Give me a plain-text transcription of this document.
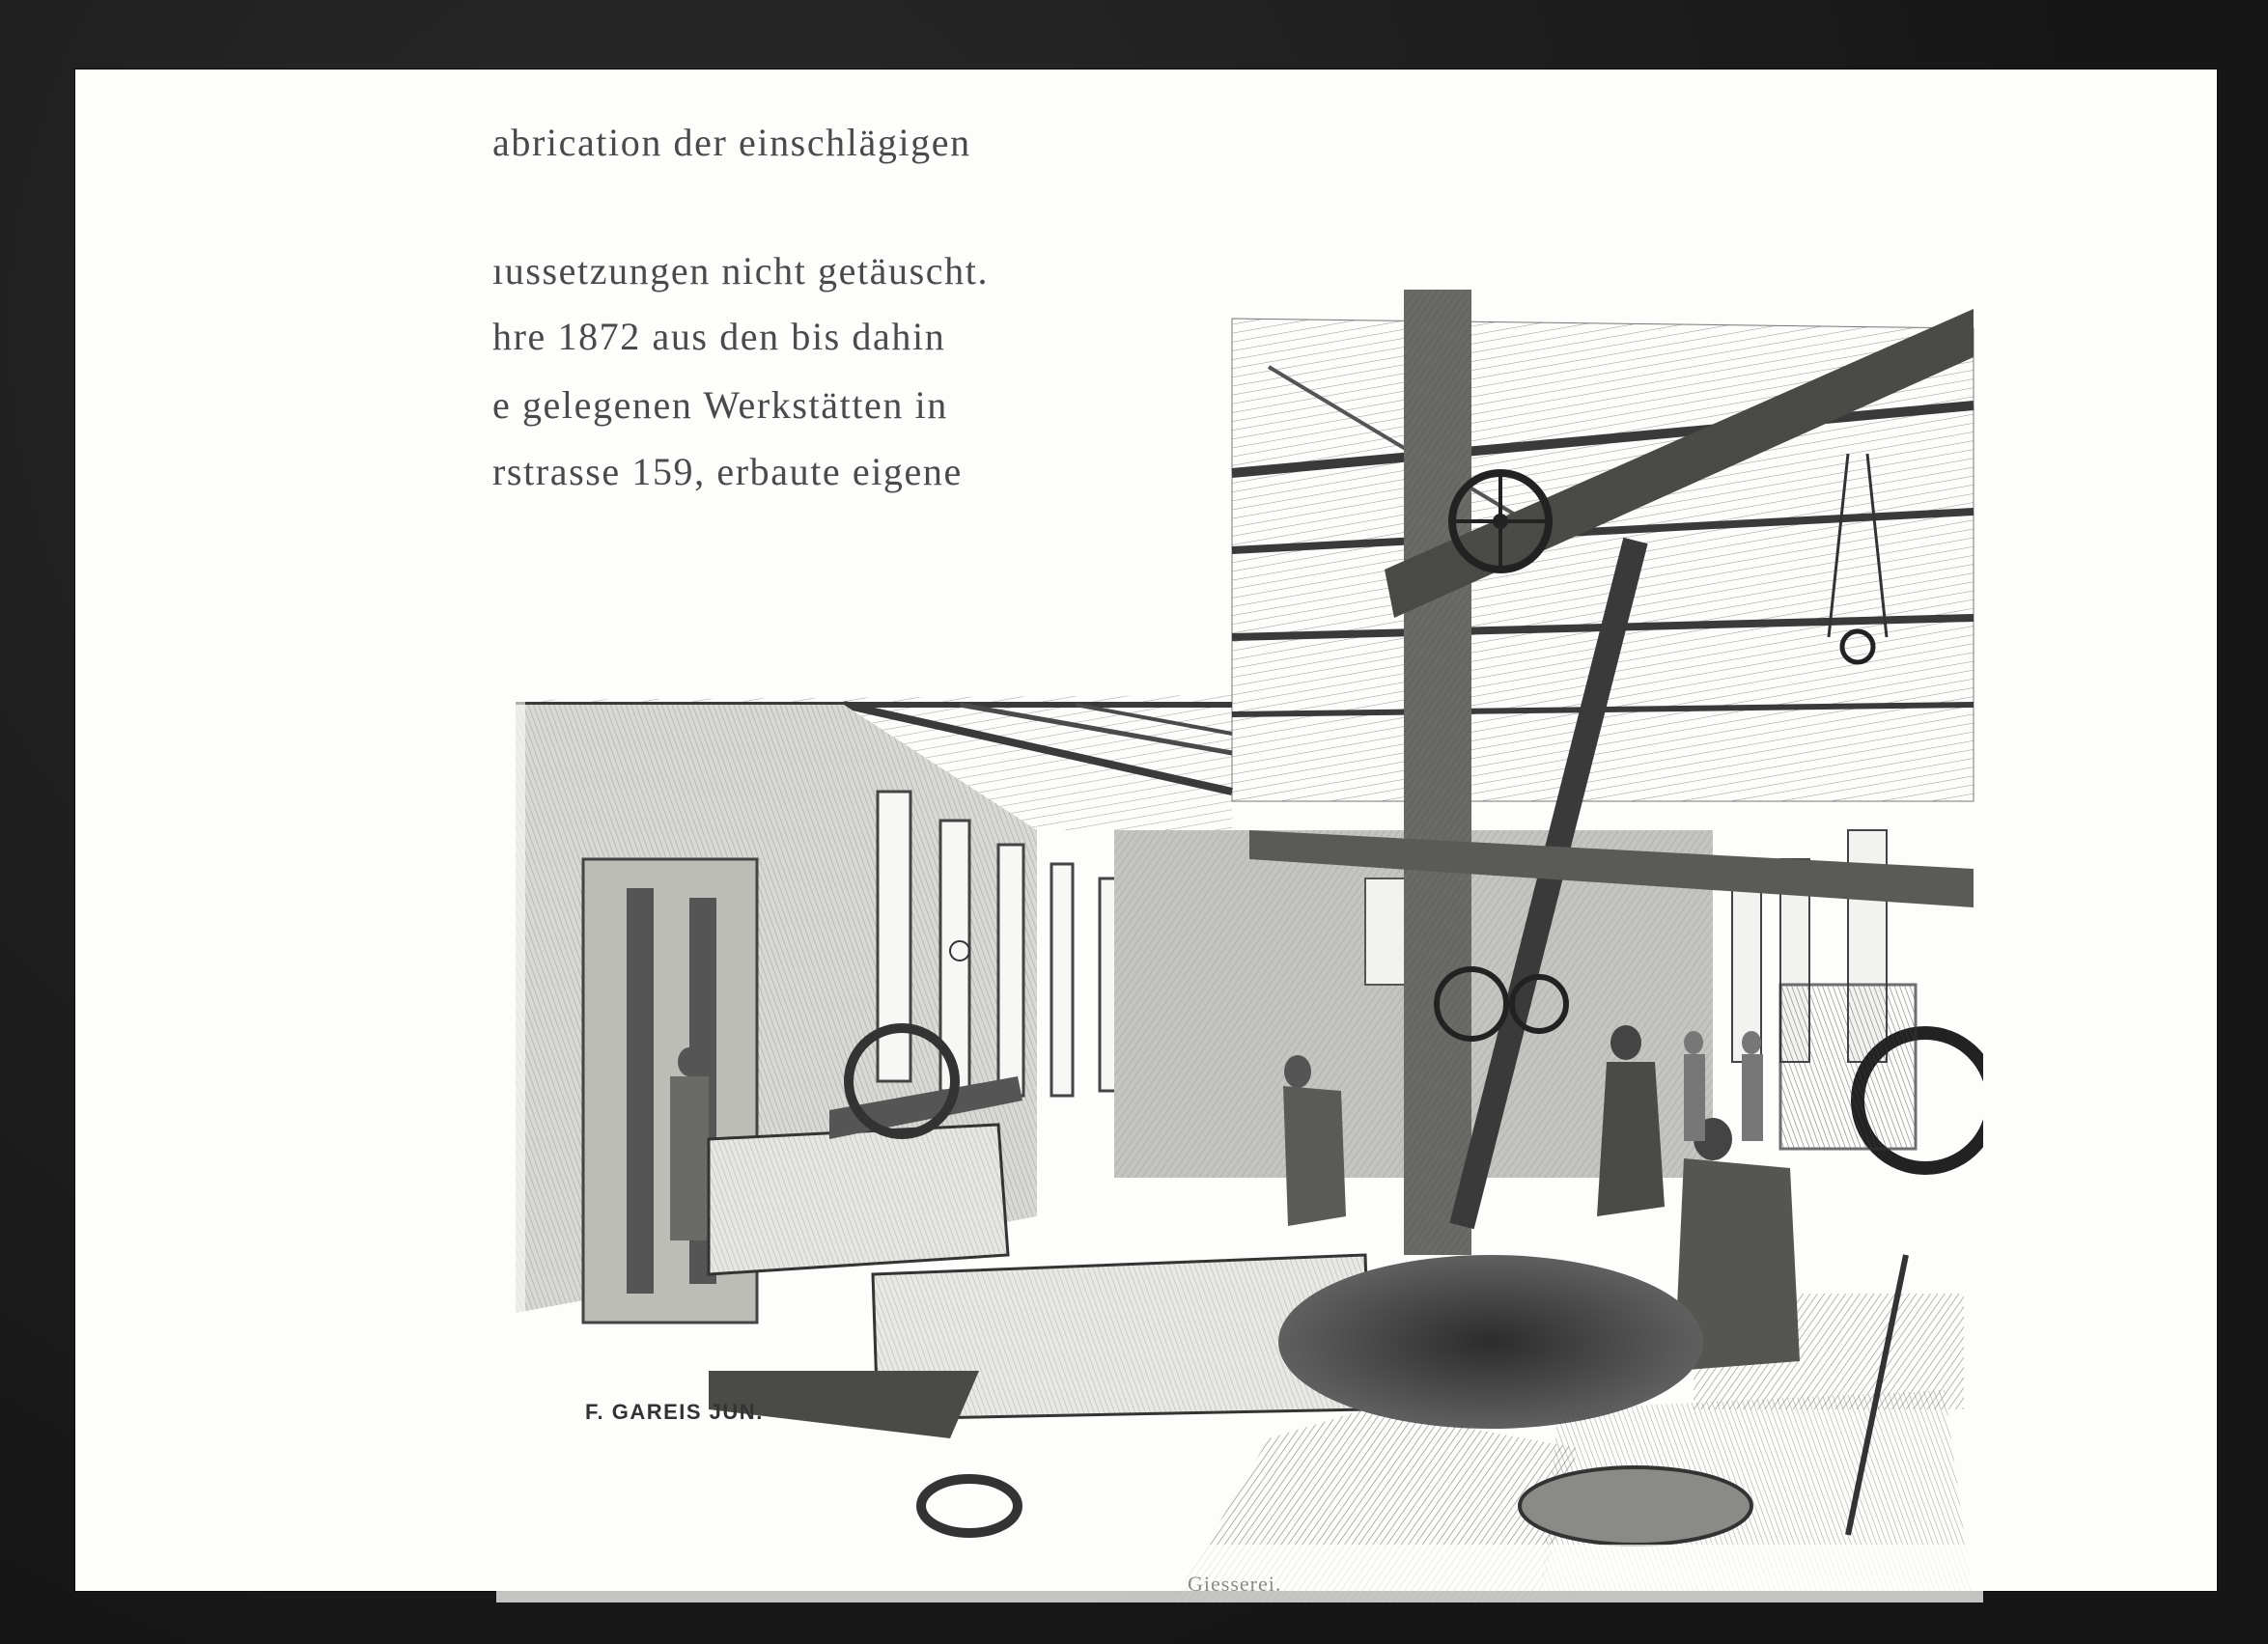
abrication der einschlägigen
ıussetzungen nicht getäuscht.
hre 1872 aus den bis dahin
e gelegenen Werkstätten in
rstrasse 159, erbaute eigene
F. GAREIS JUN.
Giesserei.
